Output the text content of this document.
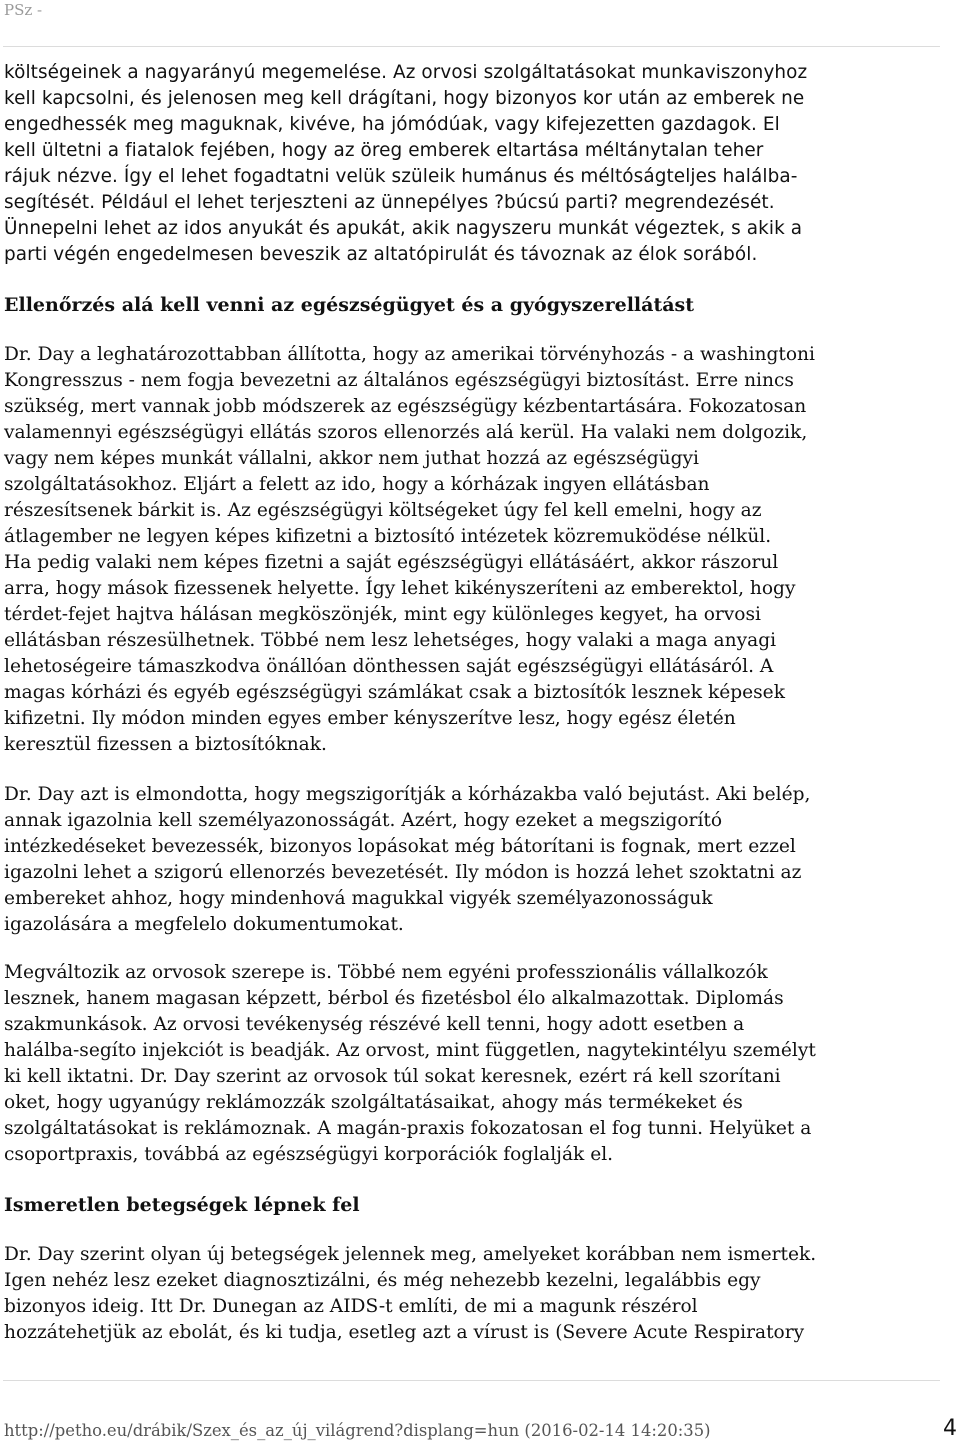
PSz -
költségeinek a nagyarányú megemelése. Az orvosi szolgáltatásokat munkaviszonyhoz
kell kapcsolni, és jelenosen meg kell drágítani, hogy bizonyos kor után az emberek ne
engedhessék meg maguknak, kivéve, ha jómódúak, vagy kifejezetten gazdagok. El
kell ültetni a fiatalok fejében, hogy az öreg emberek eltartása méltánytalan teher
rájuk nézve. Így el lehet fogadtatni velük szüleik humánus és méltóságteljes halálba-
segítését. Például el lehet terjeszteni az ünnepélyes ?búcsú parti? megrendezését.
Ünnepelni lehet az idos anyukát és apukát, akik nagyszeru munkát végeztek, s akik a
parti végén engedelmesen beveszik az altatópirulát és távoznak az élok sorából.
Ellenőrzés alá kell venni az egészségügyet és a gyógyszerellátást
Dr. Day a leghatározottabban állította, hogy az amerikai törvényhozás - a washingtoni
Kongresszus - nem fogja bevezetni az általános egészségügyi biztosítást. Erre nincs
szükség, mert vannak jobb módszerek az egészségügy kézbentartására. Fokozatosan
valamennyi egészségügyi ellátás szoros ellenorzés alá kerül. Ha valaki nem dolgozik,
vagy nem képes munkát vállalni, akkor nem juthat hozzá az egészségügyi
szolgáltatásokhoz. Eljárt a felett az ido, hogy a kórházak ingyen ellátásban
részesítsenek bárkit is. Az egészségügyi költségeket úgy fel kell emelni, hogy az
átlagember ne legyen képes kifizetni a biztosító intézetek közremuködése nélkül.
Ha pedig valaki nem képes fizetni a saját egészségügyi ellátásáért, akkor rászorul
arra, hogy mások fizessenek helyette. Így lehet kikényszeríteni az emberektol, hogy
térdet-fejet hajtva hálásan megköszönjék, mint egy különleges kegyet, ha orvosi
ellátásban részesülhetnek. Többé nem lesz lehetséges, hogy valaki a maga anyagi
lehetoségeire támaszkodva önállóan dönthessen saját egészségügyi ellátásáról. A
magas kórházi és egyéb egészségügyi számlákat csak a biztosítók lesznek képesek
kifizetni. Ily módon minden egyes ember kényszerítve lesz, hogy egész életén
keresztül fizessen a biztosítóknak.
Dr. Day azt is elmondotta, hogy megszigorítják a kórházakba való bejutást. Aki belép,
annak igazolnia kell személyazonosságát. Azért, hogy ezeket a megszigorító
intézkedéseket bevezessék, bizonyos lopásokat még bátorítani is fognak, mert ezzel
igazolni lehet a szigorú ellenorzés bevezetését. Ily módon is hozzá lehet szoktatni az
embereket ahhoz, hogy mindenhová magukkal vigyék személyazonosságuk
igazolására a megfelelo dokumentumokat.
Megváltozik az orvosok szerepe is. Többé nem egyéni professzionális vállalkozók
lesznek, hanem magasan képzett, bérbol és fizetésbol élo alkalmazottak. Diplomás
szakmunkások. Az orvosi tevékenység részévé kell tenni, hogy adott esetben a
halálba-segíto injekciót is beadják. Az orvost, mint független, nagytekintélyu személyt
ki kell iktatni. Dr. Day szerint az orvosok túl sokat keresnek, ezért rá kell szorítani
oket, hogy ugyanúgy reklámozzák szolgáltatásaikat, ahogy más termékeket és
szolgáltatásokat is reklámoznak. A magán-praxis fokozatosan el fog tunni. Helyüket a
csoportpraxis, továbbá az egészségügyi korporációk foglalják el.
Ismeretlen betegségek lépnek fel
Dr. Day szerint olyan új betegségek jelennek meg, amelyeket korábban nem ismertek.
Igen nehéz lesz ezeket diagnosztizálni, és még nehezebb kezelni, legalábbis egy
bizonyos ideig. Itt Dr. Dunegan az AIDS-t említi, de mi a magunk részérol
hozzátehetjük az ebolát, és ki tudja, esetleg azt a vírust is (Severe Acute Respiratory
http://petho.eu/drábik/Szex_és_az_új_világrend?displang=hun (2016-02-14 14:20:35)	4
